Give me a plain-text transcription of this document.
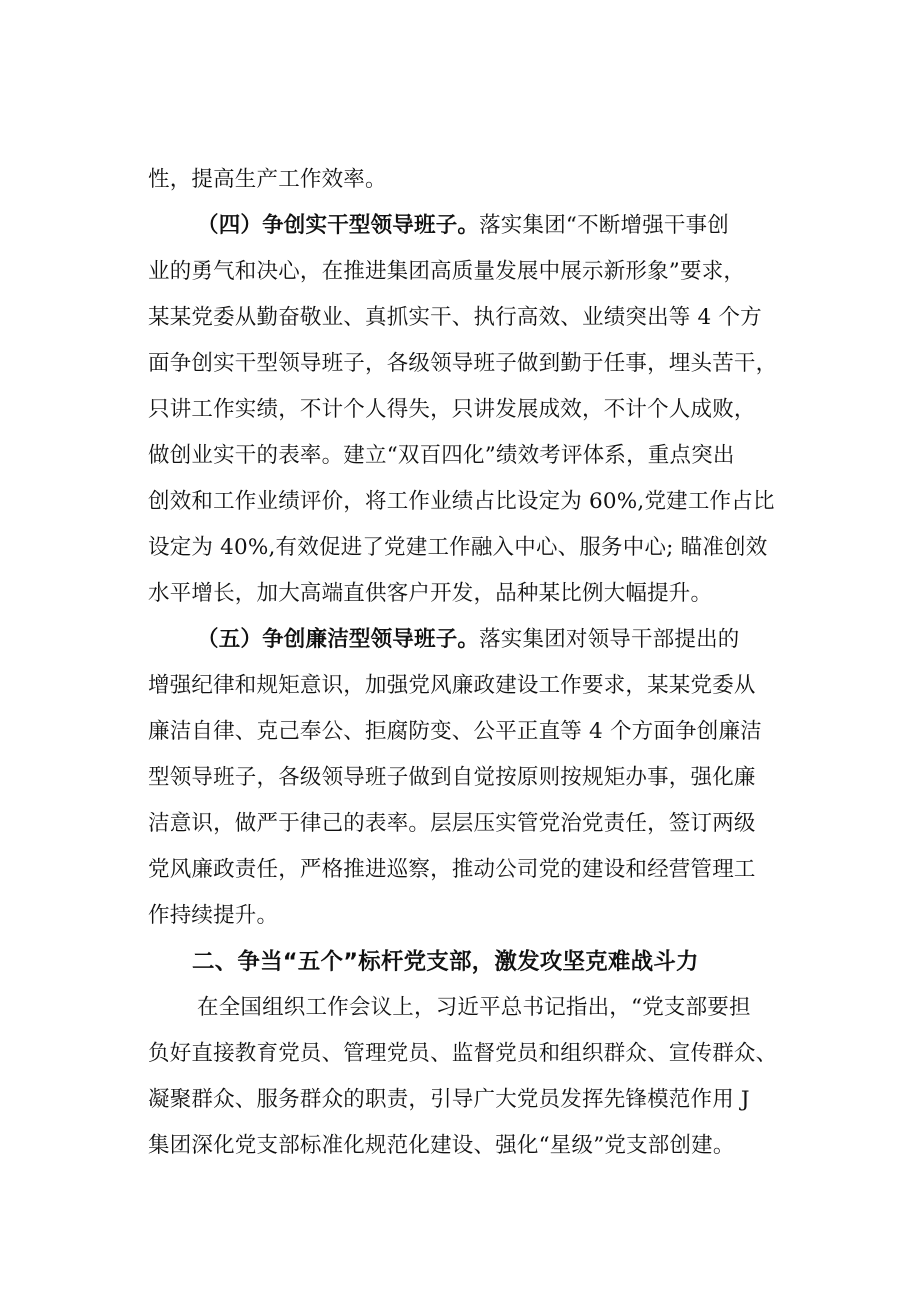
性，提高生产工作效率。
（四）争创实干型领导班子。落实集团“不断增强干事创
业的勇气和决心，在推进集团高质量发展中展示新形象”要求，
某某党委从勤奋敬业、真抓实干、执行高效、业绩突出等 4 个方
面争创实干型领导班子，各级领导班子做到勤于任事，埋头苦干，
只讲工作实绩，不计个人得失，只讲发展成效，不计个人成败，
做创业实干的表率。建立“双百四化”绩效考评体系，重点突出
创效和工作业绩评价，将工作业绩占比设定为 60%,党建工作占比
设定为 40%,有效促进了党建工作融入中心、服务中心; 瞄准创效
水平增长，加大高端直供客户开发，品种某比例大幅提升。
（五）争创廉洁型领导班子。落实集团对领导干部提出的
增强纪律和规矩意识，加强党风廉政建设工作要求，某某党委从
廉洁自律、克己奉公、拒腐防变、公平正直等 4 个方面争创廉洁
型领导班子，各级领导班子做到自觉按原则按规矩办事，强化廉
洁意识，做严于律己的表率。层层压实管党治党责任，签订两级
党风廉政责任，严格推进巡察，推动公司党的建设和经营管理工
作持续提升。
二、争当“五个”标杆党支部，激发攻坚克难战斗力
在全国组织工作会议上，习近平总书记指出，“党支部要担
负好直接教育党员、管理党员、监督党员和组织群众、宣传群众、
凝聚群众、服务群众的职责，引导广大党员发挥先锋模范作用 J
集团深化党支部标准化规范化建设、强化“星级”党支部创建。
